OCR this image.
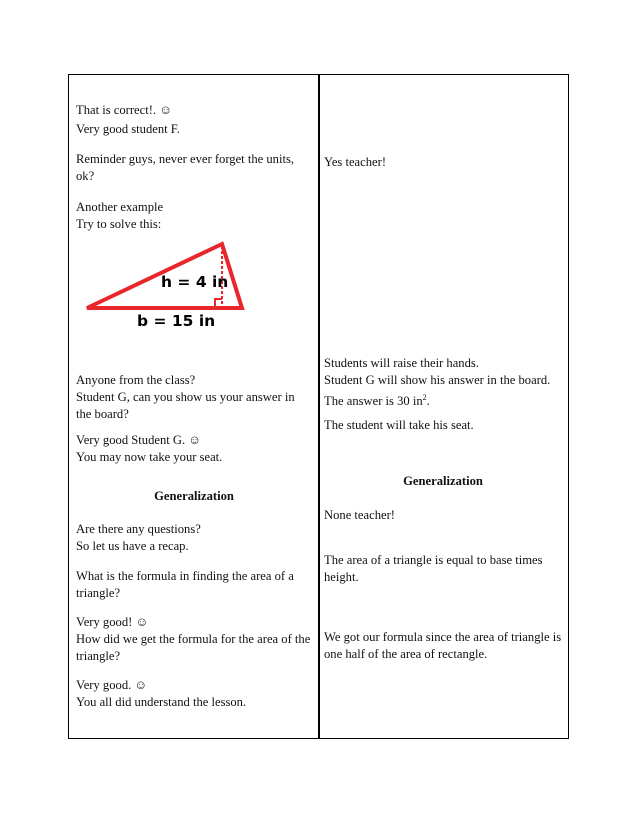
That is correct!. ☺
Very good student F.
Reminder guys, never ever forget the units,
ok?
Another example
Try to solve this:
h = 4 in
b = 15 in
Anyone from the class?
Student G, can you show us your answer in
the board?
Very good Student G. ☺
You may now take your seat.
Generalization
Are there any questions?
So let us have a recap.
What is the formula in finding the area of a
triangle?
Very good! ☺
How did we get the formula for the area of the
triangle?
Very good. ☺
You all did understand the lesson.
Yes teacher!
Students will raise their hands.
Student G will show his answer in the board.
The answer is 30 $in^2$.
The student will take his seat.
Generalization
None teacher!
The area of a triangle is equal to base times
height.
We got our formula since the area of triangle is
one half of the area of rectangle.
